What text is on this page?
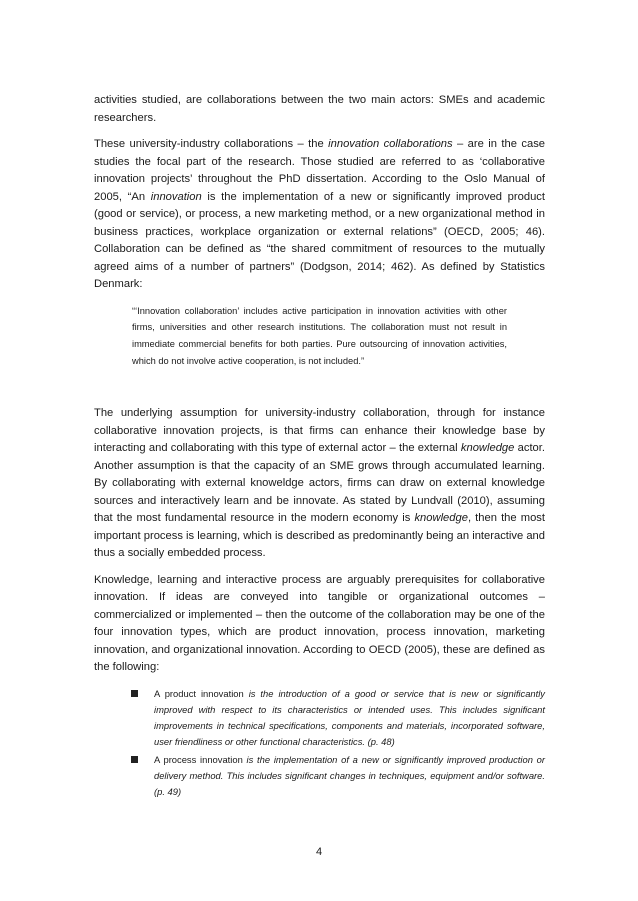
activities studied, are collaborations between the two main actors: SMEs and academic researchers.

These university-industry collaborations – the innovation collaborations – are in the case studies the focal part of the research. Those studied are referred to as ‘collaborative innovation projects’ throughout the PhD dissertation. According to the Oslo Manual of 2005, “An innovation is the implementation of a new or significantly improved product (good or service), or process, a new marketing method, or a new organizational method in business practices, workplace organization or external relations” (OECD, 2005; 46). Collaboration can be defined as “the shared commitment of resources to the mutually agreed aims of a number of partners” (Dodgson, 2014; 462). As defined by Statistics Denmark:

“‘Innovation collaboration’ includes active participation in innovation activities with other firms, universities and other research institutions. The collaboration must not result in immediate commercial benefits for both parties. Pure outsourcing of innovation activities, which do not involve active cooperation, is not included.”

The underlying assumption for university-industry collaboration, through for instance collaborative innovation projects, is that firms can enhance their knowledge base by interacting and collaborating with this type of external actor – the external knowledge actor. Another assumption is that the capacity of an SME grows through accumulated learning. By collaborating with external knoweldge actors, firms can draw on external knowledge sources and interactively learn and be innovate. As stated by Lundvall (2010), assuming that the most fundamental resource in the modern economy is knowledge, then the most important process is learning, which is described as predominantly being an interactive and thus a socially embedded process.

Knowledge, learning and interactive process are arguably prerequisites for collaborative innovation. If ideas are conveyed into tangible or organizational outcomes – commercialized or implemented – then the outcome of the collaboration may be one of the four innovation types, which are product innovation, process innovation, marketing innovation, and organizational innovation. According to OECD (2005), these are defined as the following:

A product innovation is the introduction of a good or service that is new or significantly improved with respect to its characteristics or intended uses. This includes significant improvements in technical specifications, components and materials, incorporated software, user friendliness or other functional characteristics. (p. 48)
A process innovation is the implementation of a new or significantly improved production or delivery method. This includes significant changes in techniques, equipment and/or software. (p. 49)
4
